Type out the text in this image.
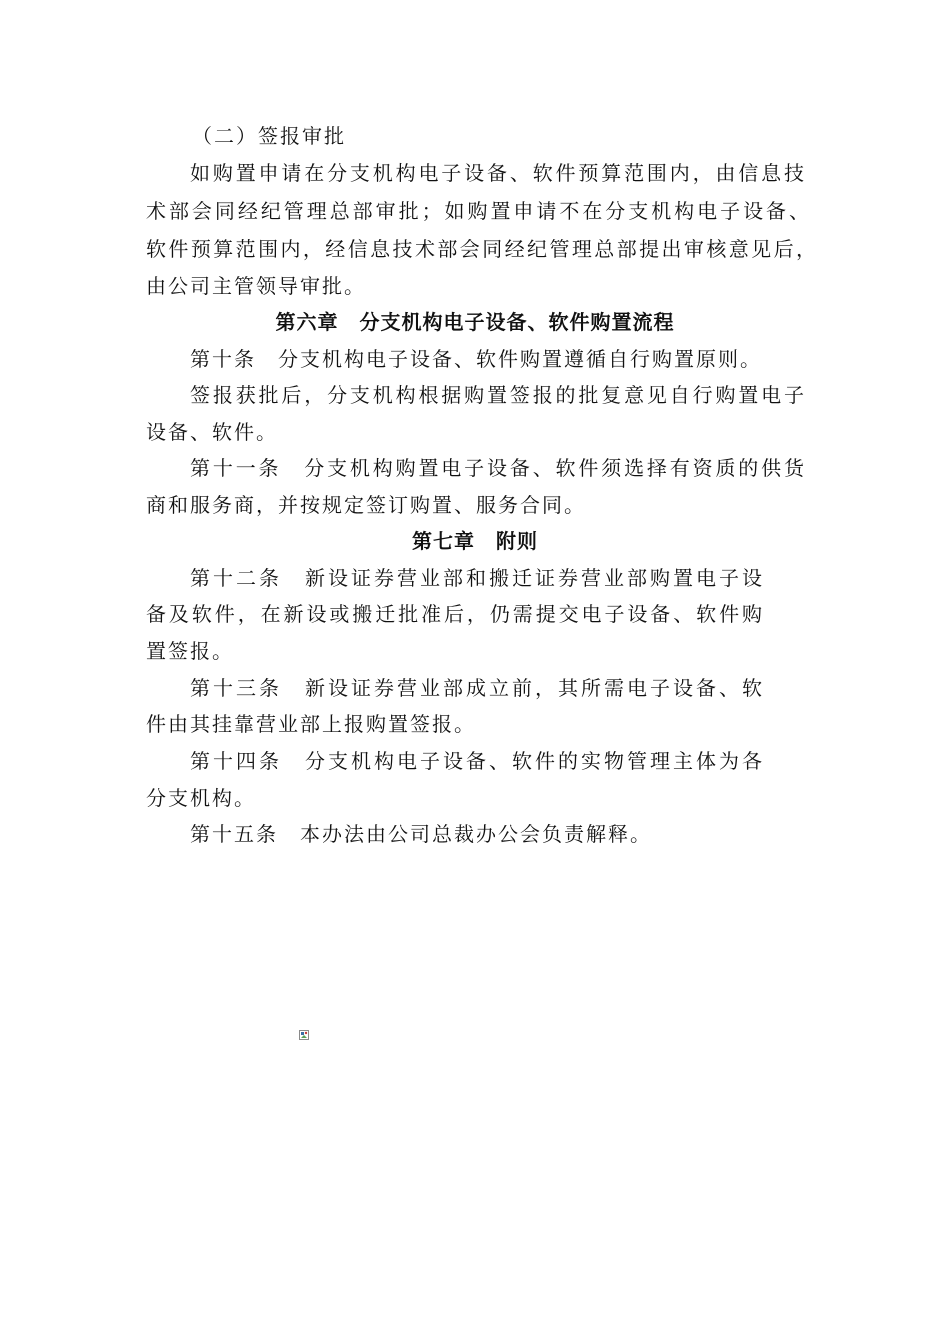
（二）签报审批
如购置申请在分支机构电子设备、软件预算范围内，由信息技
术部会同经纪管理总部审批；如购置申请不在分支机构电子设备、
软件预算范围内，经信息技术部会同经纪管理总部提出审核意见后，
由公司主管领导审批。
第六章　分支机构电子设备、软件购置流程
第十条　分支机构电子设备、软件购置遵循自行购置原则。
签报获批后，分支机构根据购置签报的批复意见自行购置电子
设备、软件。
第十一条　分支机构购置电子设备、软件须选择有资质的供货
商和服务商，并按规定签订购置、服务合同。
第七章　附则
第十二条　新设证券营业部和搬迁证券营业部购置电子设
备及软件，在新设或搬迁批准后，仍需提交电子设备、软件购
置签报。
第十三条　新设证券营业部成立前，其所需电子设备、软
件由其挂靠营业部上报购置签报。
第十四条　分支机构电子设备、软件的实物管理主体为各
分支机构。
第十五条　本办法由公司总裁办公会负责解释。
